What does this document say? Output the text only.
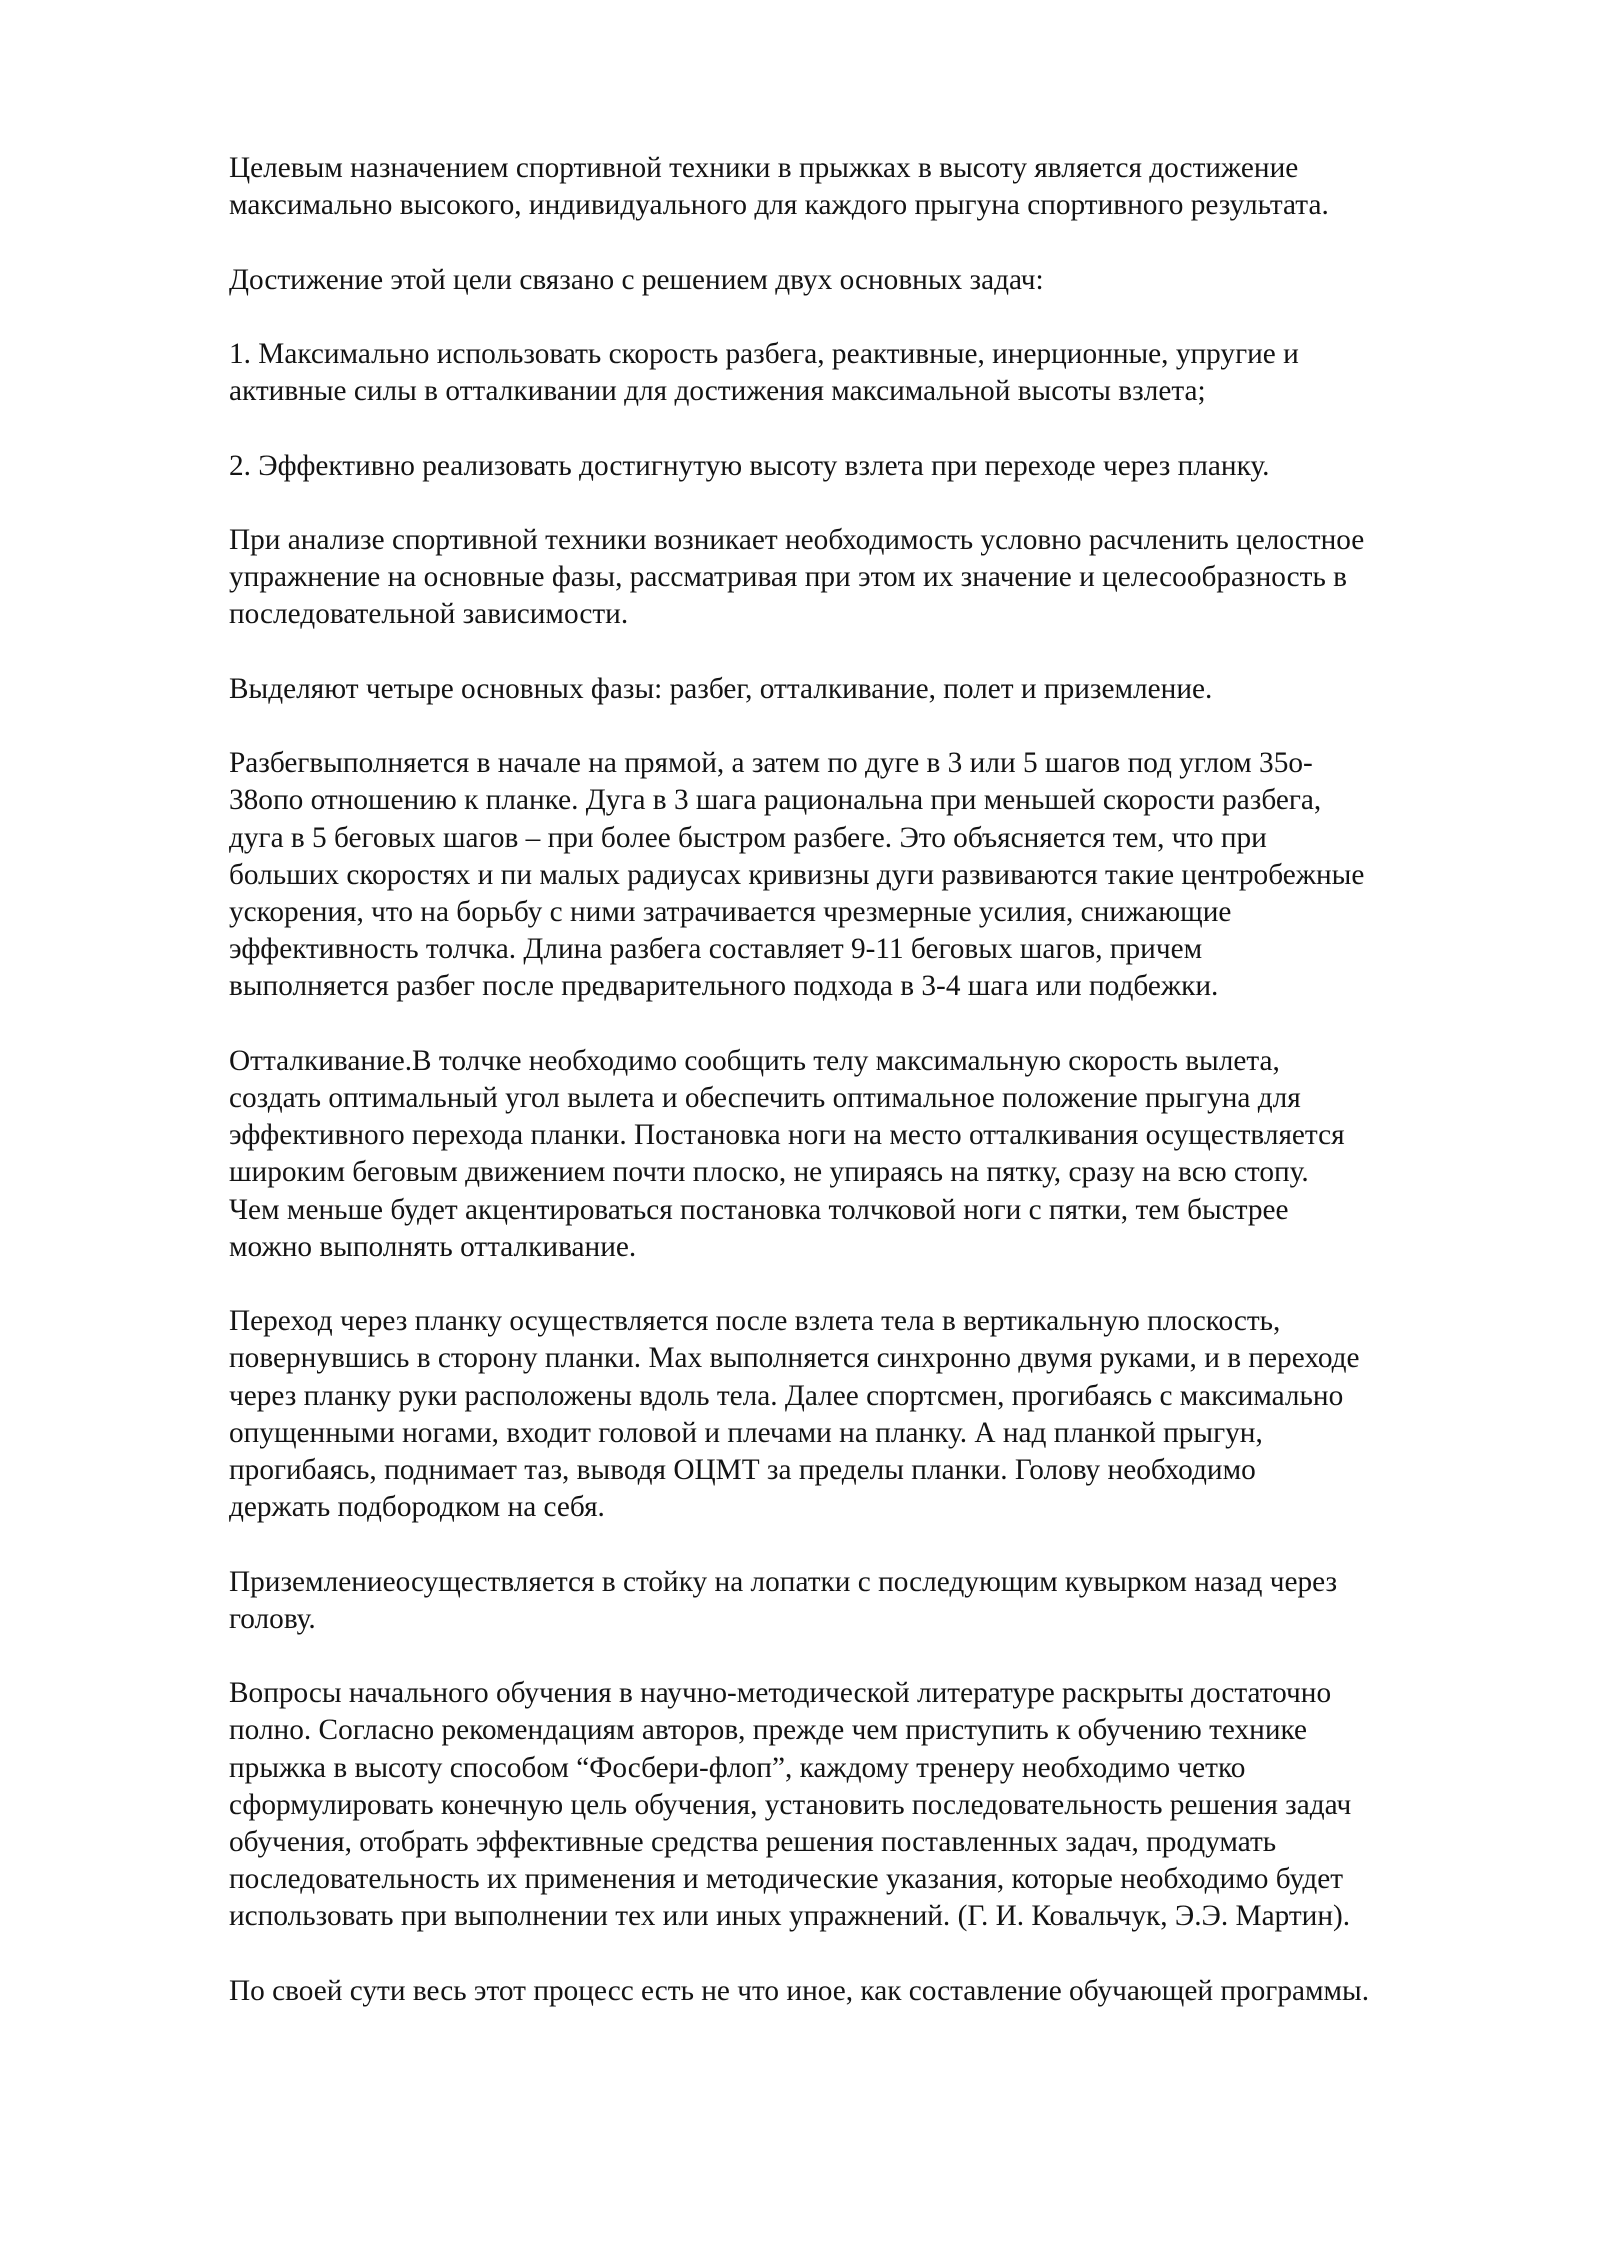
Целевым назначением спортивной техники в прыжках в высоту является достижение
максимально высокого, индивидуального для каждого прыгуна спортивного результата.

Достижение этой цели связано с решением двух основных задач:

1. Максимально использовать скорость разбега, реактивные, инерционные, упругие и
активные силы в отталкивании для достижения максимальной высоты взлета;

2. Эффективно реализовать достигнутую высоту взлета при переходе через планку.

При анализе спортивной техники возникает необходимость условно расчленить целостное
упражнение на основные фазы, рассматривая при этом их значение и целесообразность в
последовательной зависимости.

Выделяют четыре основных фазы: разбег, отталкивание, полет и приземление.

Разбегвыполняется в начале на прямой, а затем по дуге в 3 или 5 шагов под углом 35о-
38опо отношению к планке. Дуга в 3 шага рациональна при меньшей скорости разбега,
дуга в 5 беговых шагов – при более быстром разбеге. Это объясняется тем, что при
больших скоростях и пи малых радиусах кривизны дуги развиваются такие центробежные
ускорения, что на борьбу с ними затрачивается чрезмерные усилия, снижающие
эффективность толчка. Длина разбега составляет 9-11 беговых шагов, причем
выполняется разбег после предварительного подхода в 3-4 шага или подбежки.

Отталкивание.В толчке необходимо сообщить телу максимальную скорость вылета,
создать оптимальный угол вылета и обеспечить оптимальное положение прыгуна для
эффективного перехода планки. Постановка ноги на место отталкивания осуществляется
широким беговым движением почти плоско, не упираясь на пятку, сразу на всю стопу.
Чем меньше будет акцентироваться постановка толчковой ноги с пятки, тем быстрее
можно выполнять отталкивание.

Переход через планку осуществляется после взлета тела в вертикальную плоскость,
повернувшись в сторону планки. Мах выполняется синхронно двумя руками, и в переходе
через планку руки расположены вдоль тела. Далее спортсмен, прогибаясь с максимально
опущенными ногами, входит головой и плечами на планку. А над планкой прыгун,
прогибаясь, поднимает таз, выводя ОЦМТ за пределы планки. Голову необходимо
держать подбородком на себя.

Приземлениеосуществляется в стойку на лопатки с последующим кувырком назад через
голову.

Вопросы начального обучения в научно-методической литературе раскрыты достаточно
полно. Согласно рекомендациям авторов, прежде чем приступить к обучению технике
прыжка в высоту способом “Фосбери-флоп”, каждому тренеру необходимо четко
сформулировать конечную цель обучения, установить последовательность решения задач
обучения, отобрать эффективные средства решения поставленных задач, продумать
последовательность их применения и методические указания, которые необходимо будет
использовать при выполнении тех или иных упражнений. (Г. И. Ковальчук, Э.Э. Мартин).

По своей сути весь этот процесс есть не что иное, как составление обучающей программы.
